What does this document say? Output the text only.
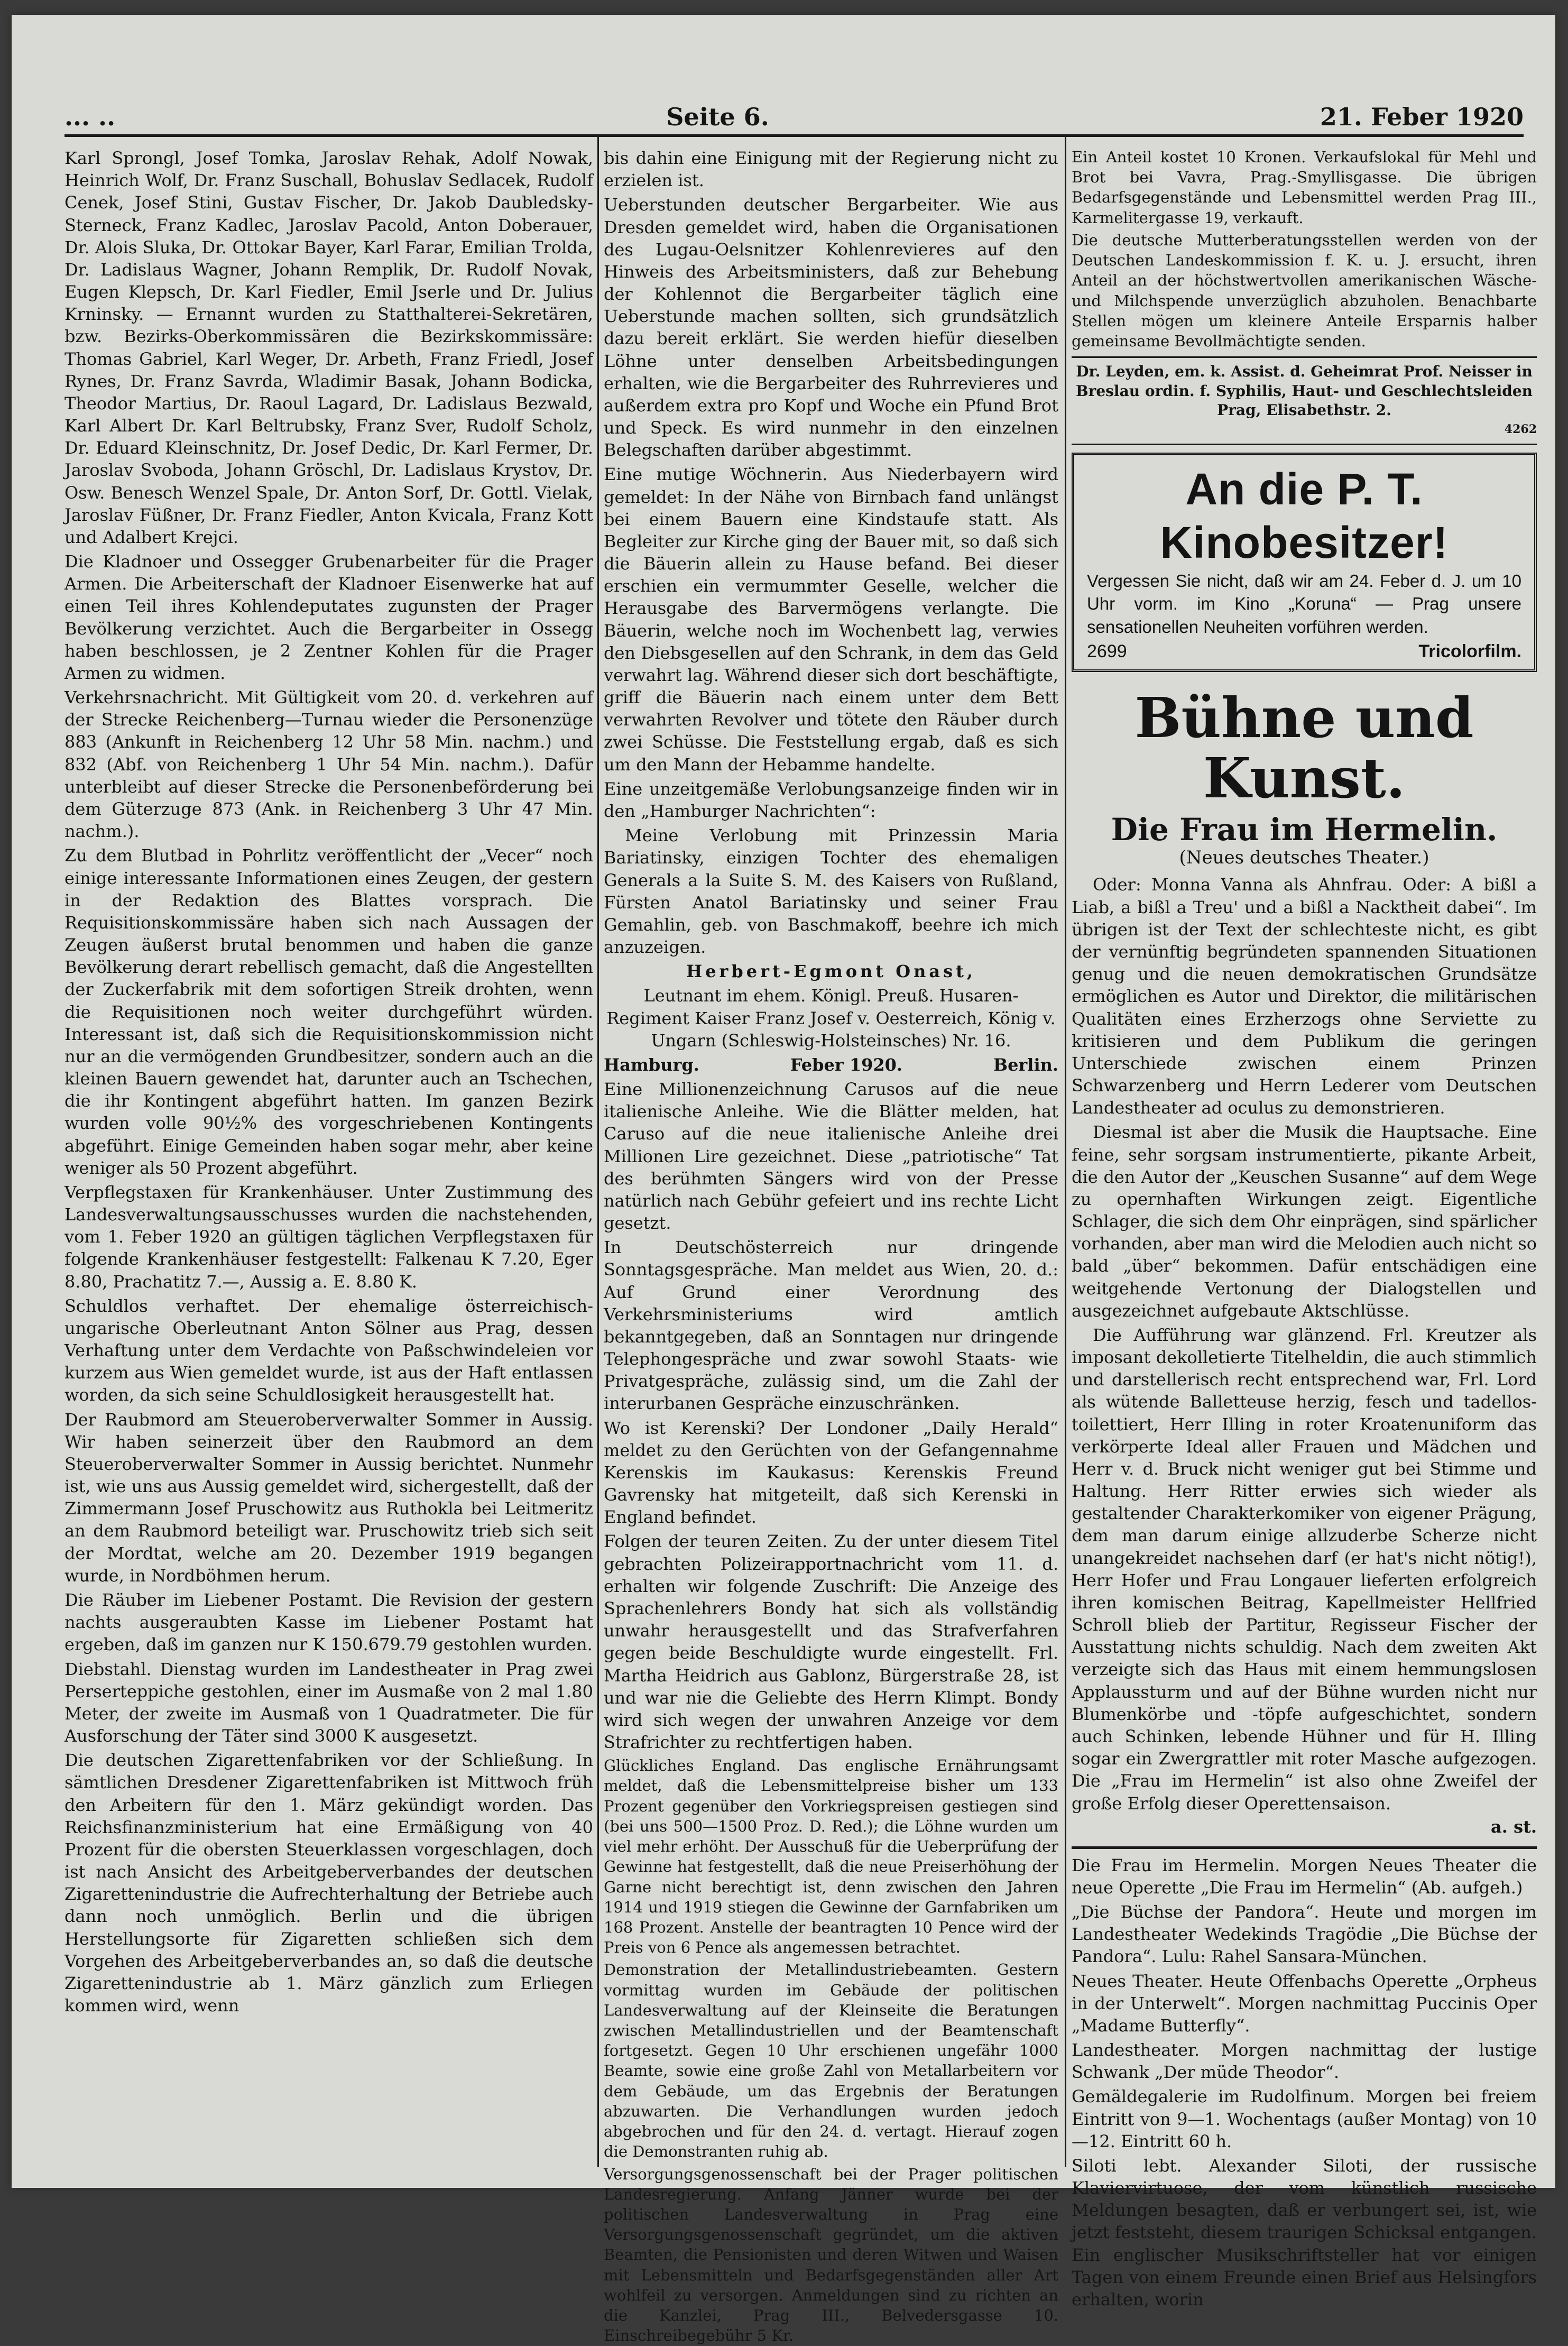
... ..	Seite 6.	21. Feber 1920

Karl Sprongl, Josef Tomka, Jaroslav Rehak, Adolf Nowak, Heinrich Wolf, Dr. Franz Suschall, Bohuslav Sedlacek, Rudolf Cenek, Josef Stini, Gustav Fischer, Dr. Jakob Daubledsky-Sterneck, Franz Kadlec, Jaroslav Pacold, Anton Doberauer, Dr. Alois Sluka, Dr. Ottokar Bayer, Karl Farar, Emilian Trolda, Dr. Ladislaus Wagner, Johann Remplik, Dr. Rudolf Novak, Eugen Klepsch, Dr. Karl Fiedler, Emil Jserle und Dr. Julius Krninsky. — Ernannt wurden zu Statthalterei-Sekretären, bzw. Bezirks-Oberkommissären die Bezirkskommissäre: Thomas Gabriel, Karl Weger, Dr. Arbeth, Franz Friedl, Josef Rynes, Dr. Franz Savrda, Wladimir Basak, Johann Bodicka, Theodor Martius, Dr. Raoul Lagard, Dr. Ladislaus Bezwald, Karl Albert Dr. Karl Beltrubsky, Franz Sver, Rudolf Scholz, Dr. Eduard Kleinschnitz, Dr. Josef Dedic, Dr. Karl Fermer, Dr. Jaroslav Svoboda, Johann Gröschl, Dr. Ladislaus Krystov, Dr. Osw. Benesch Wenzel Spale, Dr. Anton Sorf, Dr. Gottl. Vielak, Jaroslav Füßner, Dr. Franz Fiedler, Anton Kvicala, Franz Kott und Adalbert Krejci.

Die Kladnoer und Ossegger Grubenarbeiter für die Prager Armen. Die Arbeiterschaft der Kladnoer Eisenwerke hat auf einen Teil ihres Kohlendeputates zugunsten der Prager Bevölkerung verzichtet. Auch die Bergarbeiter in Ossegg haben beschlossen, je 2 Zentner Kohlen für die Prager Armen zu widmen.

Verkehrsnachricht. Mit Gültigkeit vom 20. d. verkehren auf der Strecke Reichenberg—Turnau wieder die Personenzüge 883 (Ankunft in Reichenberg 12 Uhr 58 Min. nachm.) und 832 (Abf. von Reichenberg 1 Uhr 54 Min. nachm.). Dafür unterbleibt auf dieser Strecke die Personenbeförderung bei dem Güterzuge 873 (Ank. in Reichenberg 3 Uhr 47 Min. nachm.).

Zu dem Blutbad in Pohrlitz veröffentlicht der „Vecer“ noch einige interessante Informationen eines Zeugen, der gestern in der Redaktion des Blattes vorsprach. Die Requisitionskommissäre haben sich nach Aussagen der Zeugen äußerst brutal benommen und haben die ganze Bevölkerung derart rebellisch gemacht, daß die Angestellten der Zuckerfabrik mit dem sofortigen Streik drohten, wenn die Requisitionen noch weiter durchgeführt würden. Interessant ist, daß sich die Requisitionskommission nicht nur an die vermögenden Grundbesitzer, sondern auch an die kleinen Bauern gewendet hat, darunter auch an Tschechen, die ihr Kontingent abgeführt hatten. Im ganzen Bezirk wurden volle 90½% des vorgeschriebenen Kontingents abgeführt. Einige Gemeinden haben sogar mehr, aber keine weniger als 50 Prozent abgeführt.

Verpflegstaxen für Krankenhäuser. Unter Zustimmung des Landesverwaltungsausschusses wurden die nachstehenden, vom 1. Feber 1920 an gültigen täglichen Verpflegstaxen für folgende Krankenhäuser festgestellt: Falkenau K 7.20, Eger 8.80, Prachatitz 7.—, Aussig a. E. 8.80 K.

Schuldlos verhaftet. Der ehemalige österreichisch-ungarische Oberleutnant Anton Sölner aus Prag, dessen Verhaftung unter dem Verdachte von Paßschwindeleien vor kurzem aus Wien gemeldet wurde, ist aus der Haft entlassen worden, da sich seine Schuldlosigkeit herausgestellt hat.

Der Raubmord am Steueroberverwalter Sommer in Aussig. Wir haben seinerzeit über den Raubmord an dem Steueroberverwalter Sommer in Aussig berichtet. Nunmehr ist, wie uns aus Aussig gemeldet wird, sichergestellt, daß der Zimmermann Josef Pruschowitz aus Ruthokla bei Leitmeritz an dem Raubmord beteiligt war. Pruschowitz trieb sich seit der Mordtat, welche am 20. Dezember 1919 begangen wurde, in Nordböhmen herum.

Die Räuber im Liebener Postamt. Die Revision der gestern nachts ausgeraubten Kasse im Liebener Postamt hat ergeben, daß im ganzen nur K 150.679.79 gestohlen wurden.

Diebstahl. Dienstag wurden im Landestheater in Prag zwei Perserteppiche gestohlen, einer im Ausmaße von 2 mal 1.80 Meter, der zweite im Ausmaß von 1 Quadratmeter. Die für Ausforschung der Täter sind 3000 K ausgesetzt.

Die deutschen Zigarettenfabriken vor der Schließung. In sämtlichen Dresdener Zigarettenfabriken ist Mittwoch früh den Arbeitern für den 1. März gekündigt worden. Das Reichsfinanzministerium hat eine Ermäßigung von 40 Prozent für die obersten Steuerklassen vorgeschlagen, doch ist nach Ansicht des Arbeitgeberverbandes der deutschen Zigarettenindustrie die Aufrechterhaltung der Betriebe auch dann noch unmöglich. Berlin und die übrigen Herstellungsorte für Zigaretten schließen sich dem Vorgehen des Arbeitgeberverbandes an, so daß die deutsche Zigarettenindustrie ab 1. März gänzlich zum Erliegen kommen wird, wenn

bis dahin eine Einigung mit der Regierung nicht zu erzielen ist.

Ueberstunden deutscher Bergarbeiter. Wie aus Dresden gemeldet wird, haben die Organisationen des Lugau-Oelsnitzer Kohlenrevieres auf den Hinweis des Arbeitsministers, daß zur Behebung der Kohlennot die Bergarbeiter täglich eine Ueberstunde machen sollten, sich grundsätzlich dazu bereit erklärt. Sie werden hiefür dieselben Löhne unter denselben Arbeitsbedingungen erhalten, wie die Bergarbeiter des Ruhrrevieres und außerdem extra pro Kopf und Woche ein Pfund Brot und Speck. Es wird nunmehr in den einzelnen Belegschaften darüber abgestimmt.

Eine mutige Wöchnerin. Aus Niederbayern wird gemeldet: In der Nähe von Birnbach fand unlängst bei einem Bauern eine Kindstaufe statt. Als Begleiter zur Kirche ging der Bauer mit, so daß sich die Bäuerin allein zu Hause befand. Bei dieser erschien ein vermummter Geselle, welcher die Herausgabe des Barvermögens verlangte. Die Bäuerin, welche noch im Wochenbett lag, verwies den Diebsgesellen auf den Schrank, in dem das Geld verwahrt lag. Während dieser sich dort beschäftigte, griff die Bäuerin nach einem unter dem Bett verwahrten Revolver und tötete den Räuber durch zwei Schüsse. Die Feststellung ergab, daß es sich um den Mann der Hebamme handelte.

Eine unzeitgemäße Verlobungsanzeige finden wir in den „Hamburger Nachrichten“:

Meine Verlobung mit Prinzessin Maria Bariatinsky, einzigen Tochter des ehemaligen Generals a la Suite S. M. des Kaisers von Rußland, Fürsten Anatol Bariatinsky und seiner Frau Gemahlin, geb. von Baschmakoff, beehre ich mich anzuzeigen.

Herbert-Egmont Onast,

Leutnant im ehem. Königl. Preuß. Husaren-Regiment Kaiser Franz Josef v. Oesterreich, König v. Ungarn (Schleswig-Holsteinsches) Nr. 16.

Hamburg.	Feber 1920.	Berlin.

Eine Millionenzeichnung Carusos auf die neue italienische Anleihe. Wie die Blätter melden, hat Caruso auf die neue italienische Anleihe drei Millionen Lire gezeichnet. Diese „patriotische“ Tat des berühmten Sängers wird von der Presse natürlich nach Gebühr gefeiert und ins rechte Licht gesetzt.

In Deutschösterreich nur dringende Sonntagsgespräche. Man meldet aus Wien, 20. d.: Auf Grund einer Verordnung des Verkehrsministeriums wird amtlich bekanntgegeben, daß an Sonntagen nur dringende Telephongespräche und zwar sowohl Staats- wie Privatgespräche, zulässig sind, um die Zahl der interurbanen Gespräche einzuschränken.

Wo ist Kerenski? Der Londoner „Daily Herald“ meldet zu den Gerüchten von der Gefangennahme Kerenskis im Kaukasus: Kerenskis Freund Gavrensky hat mitgeteilt, daß sich Kerenski in England befindet.

Folgen der teuren Zeiten. Zu der unter diesem Titel gebrachten Polizeirapportnachricht vom 11. d. erhalten wir folgende Zuschrift: Die Anzeige des Sprachenlehrers Bondy hat sich als vollständig unwahr herausgestellt und das Strafverfahren gegen beide Beschuldigte wurde eingestellt. Frl. Martha Heidrich aus Gablonz, Bürgerstraße 28, ist und war nie die Geliebte des Herrn Klimpt. Bondy wird sich wegen der unwahren Anzeige vor dem Strafrichter zu rechtfertigen haben.

Glückliches England. Das englische Ernährungsamt meldet, daß die Lebensmittelpreise bisher um 133 Prozent gegenüber den Vorkriegspreisen gestiegen sind (bei uns 500—1500 Proz. D. Red.); die Löhne wurden um viel mehr erhöht. Der Ausschuß für die Ueberprüfung der Gewinne hat festgestellt, daß die neue Preiserhöhung der Garne nicht berechtigt ist, denn zwischen den Jahren 1914 und 1919 stiegen die Gewinne der Garnfabriken um 168 Prozent. Anstelle der beantragten 10 Pence wird der Preis von 6 Pence als angemessen betrachtet.

Demonstration der Metallindustriebeamten. Gestern vormittag wurden im Gebäude der politischen Landesverwaltung auf der Kleinseite die Beratungen zwischen Metallindustriellen und der Beamtenschaft fortgesetzt. Gegen 10 Uhr erschienen ungefähr 1000 Beamte, sowie eine große Zahl von Metallarbeitern vor dem Gebäude, um das Ergebnis der Beratungen abzuwarten. Die Verhandlungen wurden jedoch abgebrochen und für den 24. d. vertagt. Hierauf zogen die Demonstranten ruhig ab.

Versorgungsgenossenschaft bei der Prager politischen Landesregierung. Anfang Jänner wurde bei der politischen Landesverwaltung in Prag eine Versorgungsgenossenschaft gegründet, um die aktiven Beamten, die Pensionisten und deren Witwen und Waisen mit Lebensmitteln und Bedarfsgegenständen aller Art wohlfeil zu versorgen. Anmeldungen sind zu richten an die Kanzlei, Prag III., Belvedersgasse 10. Einschreibegebühr 5 Kr.

Ein Anteil kostet 10 Kronen. Verkaufslokal für Mehl und Brot bei Vavra, Prag.-Smyllisgasse. Die übrigen Bedarfsgegenstände und Lebensmittel werden Prag III., Karmelitergasse 19, verkauft.

Die deutsche Mutterberatungsstellen werden von der Deutschen Landeskommission f. K. u. J. ersucht, ihren Anteil an der höchstwertvollen amerikanischen Wäsche- und Milchspende unverzüglich abzuholen. Benachbarte Stellen mögen um kleinere Anteile Ersparnis halber gemeinsame Bevollmächtigte senden.

Dr. Leyden, em. k. Assist. d. Geheimrat Prof. Neisser in Breslau ordin. f. Syphilis, Haut- und Geschlechtsleiden Prag, Elisabethstr. 2.

4262

An die P. T. Kinobesitzer!

Vergessen Sie nicht, daß wir am 24. Feber d. J. um 10 Uhr vorm. im Kino „Koruna“ — Prag unsere sensationellen Neuheiten vorführen werden.

2699	Tricolorfilm.
Bühne und Kunst.
Die Frau im Hermelin.
(Neues deutsches Theater.)

Oder: Monna Vanna als Ahnfrau. Oder: A bißl a Liab, a bißl a Treu' und a bißl a Nacktheit dabei“. Im übrigen ist der Text der schlechteste nicht, es gibt der vernünftig begründeten spannenden Situationen genug und die neuen demokratischen Grundsätze ermöglichen es Autor und Direktor, die militärischen Qualitäten eines Erzherzogs ohne Serviette zu kritisieren und dem Publikum die geringen Unterschiede zwischen einem Prinzen Schwarzenberg und Herrn Lederer vom Deutschen Landestheater ad oculus zu demonstrieren.

Diesmal ist aber die Musik die Hauptsache. Eine feine, sehr sorgsam instrumentierte, pikante Arbeit, die den Autor der „Keuschen Susanne“ auf dem Wege zu opernhaften Wirkungen zeigt. Eigentliche Schlager, die sich dem Ohr einprägen, sind spärlicher vorhanden, aber man wird die Melodien auch nicht so bald „über“ bekommen. Dafür entschädigen eine weitgehende Vertonung der Dialogstellen und ausgezeichnet aufgebaute Aktschlüsse.

Die Aufführung war glänzend. Frl. Kreutzer als imposant dekolletierte Titelheldin, die auch stimmlich und darstellerisch recht entsprechend war, Frl. Lord als wütende Balletteuse herzig, fesch und tadellos-toilettiert, Herr Illing in roter Kroatenuniform das verkörperte Ideal aller Frauen und Mädchen und Herr v. d. Bruck nicht weniger gut bei Stimme und Haltung. Herr Ritter erwies sich wieder als gestaltender Charakterkomiker von eigener Prägung, dem man darum einige allzuderbe Scherze nicht unangekreidet nachsehen darf (er hat's nicht nötig!), Herr Hofer und Frau Longauer lieferten erfolgreich ihren komischen Beitrag, Kapellmeister Hellfried Schroll blieb der Partitur, Regisseur Fischer der Ausstattung nichts schuldig. Nach dem zweiten Akt verzeigte sich das Haus mit einem hemmungslosen Applaussturm und auf der Bühne wurden nicht nur Blumenkörbe und -töpfe aufgeschichtet, sondern auch Schinken, lebende Hühner und für H. Illing sogar ein Zwergrattler mit roter Masche aufgezogen. Die „Frau im Hermelin“ ist also ohne Zweifel der große Erfolg dieser Operettensaison.

a. st.

Die Frau im Hermelin. Morgen Neues Theater die neue Operette „Die Frau im Hermelin“ (Ab. aufgeh.)

„Die Büchse der Pandora“. Heute und morgen im Landestheater Wedekinds Tragödie „Die Büchse der Pandora“. Lulu: Rahel Sansara-München.

Neues Theater. Heute Offenbachs Operette „Orpheus in der Unterwelt“. Morgen nachmittag Puccinis Oper „Madame Butterfly“.

Landestheater. Morgen nachmittag der lustige Schwank „Der müde Theodor“.

Gemäldegalerie im Rudolfinum. Morgen bei freiem Eintritt von 9—1. Wochentags (außer Montag) von 10—12. Eintritt 60 h.

Siloti lebt. Alexander Siloti, der russische Klaviervirtuose, der vom künstlich russische Meldungen besagten, daß er verbungert sei, ist, wie jetzt feststeht, diesem traurigen Schicksal entgangen. Ein englischer Musikschriftsteller hat vor einigen Tagen von einem Freunde einen Brief aus Helsingfors erhalten, worin
